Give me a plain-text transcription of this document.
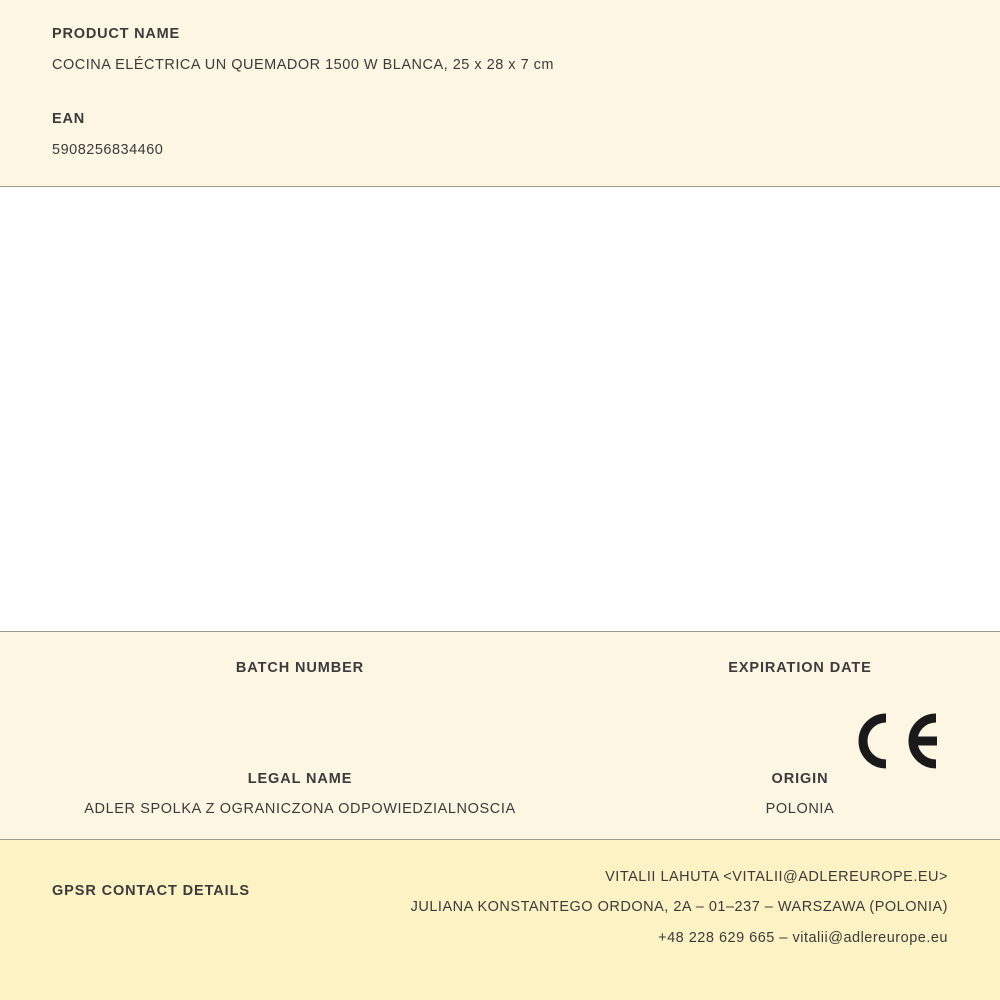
PRODUCT NAME
COCINA ELÉCTRICA UN QUEMADOR 1500 W BLANCA, 25 x 28 x 7 cm
EAN
5908256834460
BATCH NUMBER	EXPIRATION DATE
LEGAL NAME
ADLER SPOLKA Z OGRANICZONA ODPOWIEDZIALNOSCIA
ORIGIN
POLONIA
GPSR CONTACT DETAILS
VITALII LAHUTA <VITALII@ADLEREUROPE.EU>
JULIANA KONSTANTEGO ORDONA, 2A – 01–237 – WARSZAWA (POLONIA)
+48 228 629 665 – vitalii@adlereurope.eu
